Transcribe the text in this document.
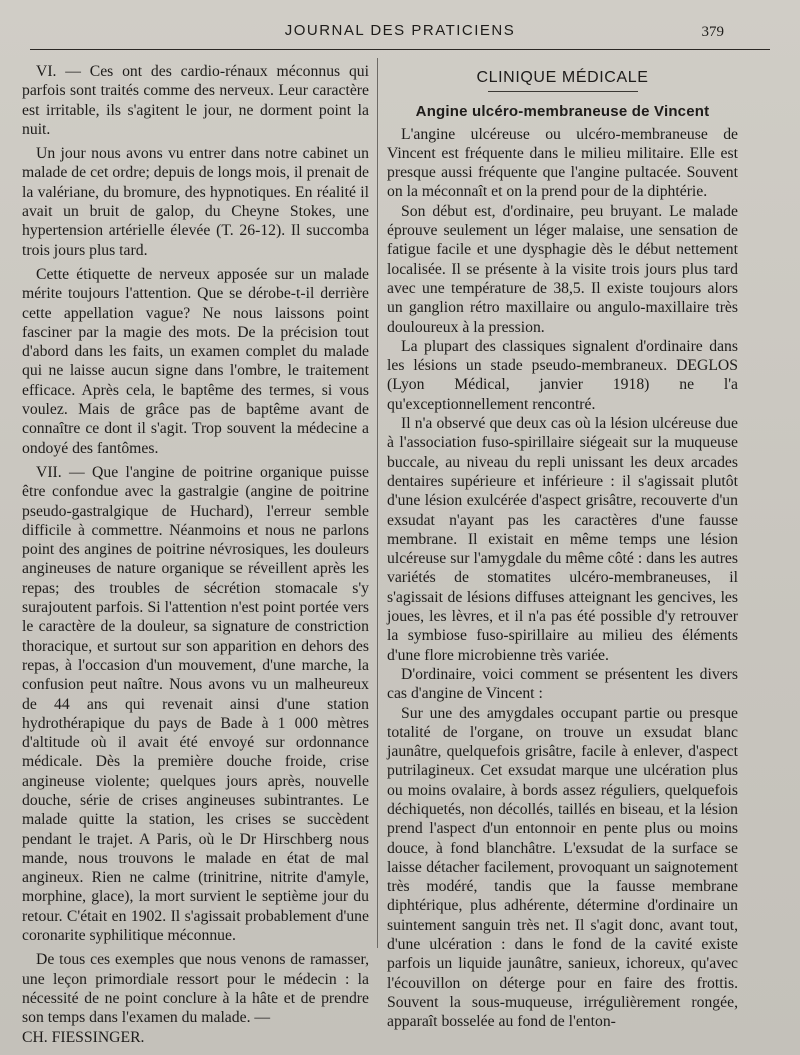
JOURNAL DES PRATICIENS	379

VI. — Ces ont des cardio-rénaux méconnus qui parfois sont traités comme des nerveux. Leur caractère est irritable, ils s'agitent le jour, ne dorment point la nuit.

Un jour nous avons vu entrer dans notre cabinet un malade de cet ordre; depuis de longs mois, il prenait de la valériane, du bromure, des hypnotiques. En réalité il avait un bruit de galop, du Cheyne Stokes, une hypertension artérielle élevée (T. 26-12). Il succomba trois jours plus tard.

Cette étiquette de nerveux apposée sur un malade mérite toujours l'attention. Que se dérobe-t-il derrière cette appellation vague? Ne nous laissons point fasciner par la magie des mots. De la précision tout d'abord dans les faits, un examen complet du malade qui ne laisse aucun signe dans l'ombre, le traitement efficace. Après cela, le baptême des termes, si vous voulez. Mais de grâce pas de baptême avant de connaître ce dont il s'agit. Trop souvent la médecine a ondoyé des fantômes.

VII. — Que l'angine de poitrine organique puisse être confondue avec la gastralgie (angine de poitrine pseudo-gastralgique de Huchard), l'erreur semble difficile à commettre. Néanmoins et nous ne parlons point des angines de poitrine névrosiques, les douleurs angineuses de nature organique se réveillent après les repas; des troubles de sécrétion stomacale s'y surajoutent parfois. Si l'attention n'est point portée vers le caractère de la douleur, sa signature de constriction thoracique, et surtout sur son apparition en dehors des repas, à l'occasion d'un mouvement, d'une marche, la confusion peut naître. Nous avons vu un malheureux de 44 ans qui revenait ainsi d'une station hydrothérapique du pays de Bade à 1 000 mètres d'altitude où il avait été envoyé sur ordonnance médicale. Dès la première douche froide, crise angineuse violente; quelques jours après, nouvelle douche, série de crises angineuses subintrantes. Le malade quitte la station, les crises se succèdent pendant le trajet. A Paris, où le Dr Hirschberg nous mande, nous trouvons le malade en état de mal angineux. Rien ne calme (trinitrine, nitrite d'amyle, morphine, glace), la mort survient le septième jour du retour. C'était en 1902. Il s'agissait probablement d'une coronarite syphilitique méconnue.

De tous ces exemples que nous venons de ramasser, une leçon primordiale ressort pour le médecin : la nécessité de ne point conclure à la hâte et de prendre son temps dans l'examen du malade. —

CH. FIESSINGER.

CLINIQUE MÉDICALE
Angine ulcéro-membraneuse de Vincent

L'angine ulcéreuse ou ulcéro-membraneuse de Vincent est fréquente dans le milieu militaire. Elle est presque aussi fréquente que l'angine pultacée. Souvent on la méconnaît et on la prend pour de la diphtérie.

Son début est, d'ordinaire, peu bruyant. Le malade éprouve seulement un léger malaise, une sensation de fatigue facile et une dysphagie dès le début nettement localisée. Il se présente à la visite trois jours plus tard avec une température de 38,5. Il existe toujours alors un ganglion rétro maxillaire ou angulo-maxillaire très douloureux à la pression.

La plupart des classiques signalent d'ordinaire dans les lésions un stade pseudo-membraneux. DEGLOS (Lyon Médical, janvier 1918) ne l'a qu'exceptionnellement rencontré.

Il n'a observé que deux cas où la lésion ulcéreuse due à l'association fuso-spirillaire siégeait sur la muqueuse buccale, au niveau du repli unissant les deux arcades dentaires supérieure et inférieure : il s'agissait plutôt d'une lésion exulcérée d'aspect grisâtre, recouverte d'un exsudat n'ayant pas les caractères d'une fausse membrane. Il existait en même temps une lésion ulcéreuse sur l'amygdale du même côté : dans les autres variétés de stomatites ulcéro-membraneuses, il s'agissait de lésions diffuses atteignant les gencives, les joues, les lèvres, et il n'a pas été possible d'y retrouver la symbiose fuso-spirillaire au milieu des éléments d'une flore microbienne très variée.

D'ordinaire, voici comment se présentent les divers cas d'angine de Vincent :

Sur une des amygdales occupant partie ou presque totalité de l'organe, on trouve un exsudat blanc jaunâtre, quelquefois grisâtre, facile à enlever, d'aspect putrilagineux. Cet exsudat marque une ulcération plus ou moins ovalaire, à bords assez réguliers, quelquefois déchiquetés, non décollés, taillés en biseau, et la lésion prend l'aspect d'un entonnoir en pente plus ou moins douce, à fond blanchâtre. L'exsudat de la surface se laisse détacher facilement, provoquant un saignotement très modéré, tandis que la fausse membrane diphtérique, plus adhérente, détermine d'ordinaire un suintement sanguin très net. Il s'agit donc, avant tout, d'une ulcération : dans le fond de la cavité existe parfois un liquide jaunâtre, sanieux, ichoreux, qu'avec l'écouvillon on déterge pour en faire des frottis. Souvent la sous-muqueuse, irrégulièrement rongée, apparaît bosselée au fond de l'enton-
